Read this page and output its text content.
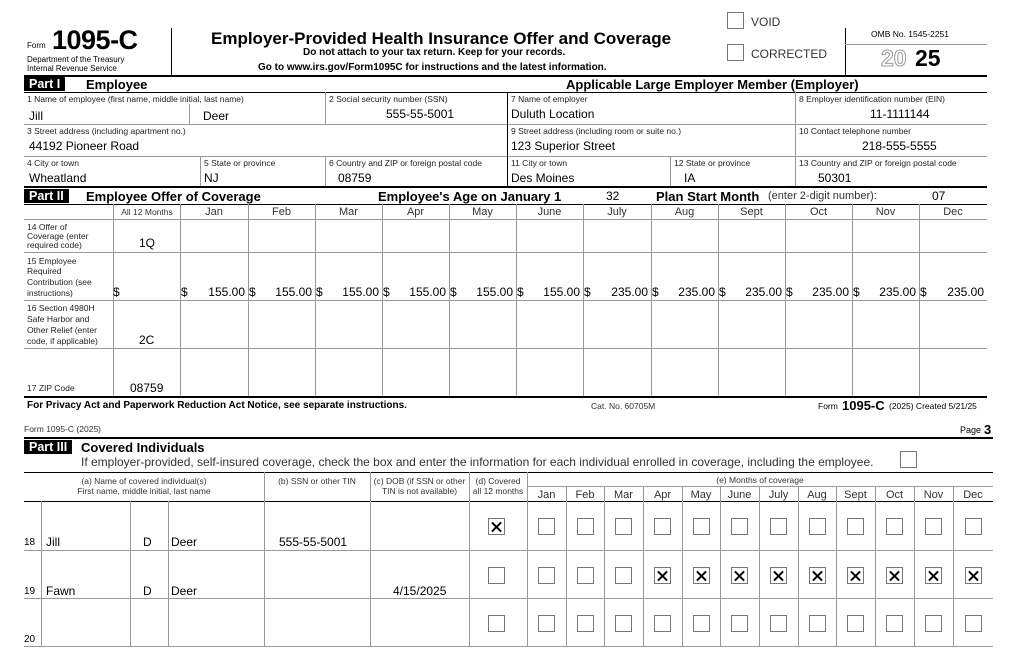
Form 1095-C
Department of the Treasury
Internal Revenue Service
Employer-Provided Health Insurance Offer and Coverage
Do not attach to your tax return. Keep for your records.
Go to www.irs.gov/Form1095C for instructions and the latest information.
VOID
CORRECTED
OMB No. 1545-2251
20 25
Part I	Employee	Applicable Large Employer Member (Employer)
1 Name of employee (first name, middle initial, last name)
Jill	Deer
2 Social security number (SSN)
555-55-5001
7 Name of employer
Duluth Location
8 Employer identification number (EIN)
11-1111144
3 Street address (including apartment no.)
44192 Pioneer Road
9 Street address (including room or suite no.)
123 Superior Street
10 Contact telephone number
218-555-5555
4 City or town
Wheatland
5 State or province
NJ
6 Country and ZIP or foreign postal code
08759
11 City or town
Des Moines
12 State or province
IA
13 Country and ZIP or foreign postal code
50301
Part II	Employee Offer of Coverage	Employee's Age on January 1	32	Plan Start Month (enter 2-digit number):	07
All 12 Months	Jan	Feb	Mar	Apr	May	June	July	Aug	Sept	Oct	Nov	Dec
14 Offer of
Coverage (enter
required code)	1Q
15 Employee
Required
Contribution (see
instructions)	$	$	155.00 $	155.00 $	155.00 $	155.00 $	155.00 $	155.00 $	235.00 $	235.00 $	235.00 $	235.00 $	235.00 $	235.00
16 Section 4980H
Safe Harbor and
Other Relief (enter
code, if applicable)	2C
17 ZIP Code	08759
For Privacy Act and Paperwork Reduction Act Notice, see separate instructions.	Cat. No. 60705M	Form 1095-C (2025) Created 5/21/25
Form 1095-C (2025)	Page 3
Part III	Covered Individuals
If employer-provided, self-insured coverage, check the box and enter the information for each individual enrolled in coverage, including the employee.
(a) Name of covered individual(s)
First name, middle initial, last name
(b) SSN or other TIN	(c) DOB (if SSN or other
TIN is not available)
(d) Covered
all 12 months
(e) Months of coverage
Jan	Feb	Mar	Apr	May	June	July	Aug	Sept	Oct	Nov	Dec
18 Jill	D Deer	555-55-5001
19 Fawn	D Deer	4/15/2025
20
